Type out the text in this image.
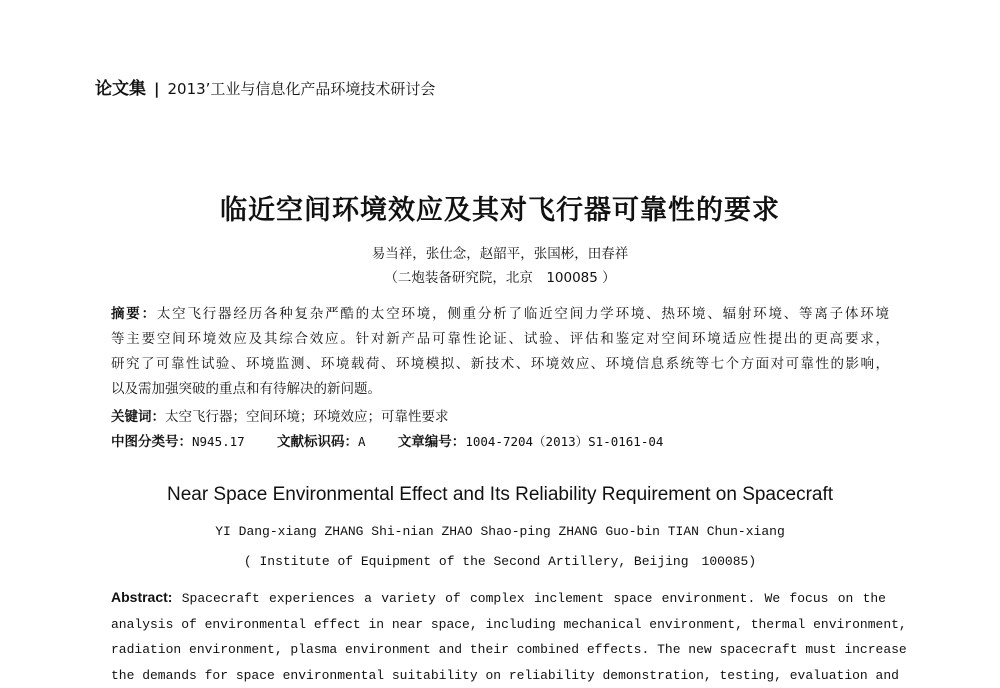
论文集 | 2013’工业与信息化产品环境技术研讨会
临近空间环境效应及其对飞行器可靠性的要求
易当祥，张仕念，赵韶平，张国彬，田春祥
（二炮装备研究院，北京　100085 ）
摘要：太空飞行器经历各种复杂严酷的太空环境，侧重分析了临近空间力学环境、热环境、辐射环境、等离子体环境
等主要空间环境效应及其综合效应。针对新产品可靠性论证、试验、评估和鉴定对空间环境适应性提出的更高要求，
研究了可靠性试验、环境监测、环境载荷、环境模拟、新技术、环境效应、环境信息系统等七个方面对可靠性的影响，
以及需加强突破的重点和有待解决的新问题。
关键词：太空飞行器；空间环境；环境效应；可靠性要求
中图分类号：N945.17 文献标识码：A 文章编号：1004-7204（2013）S1-0161-04
Near Space Environmental Effect and Its Reliability Requirement on Spacecraft
YI Dang-xiang ZHANG Shi-nian ZHAO Shao-ping ZHANG Guo-bin TIAN Chun-xiang
( Institute of Equipment of the Second Artillery, Beijing　100085)
Abstract: Spacecraft experiences a variety of complex inclement space environment. We focus on the
analysis of environmental effect in near space, including mechanical environment, thermal environment,
radiation environment, plasma environment and their combined effects. The new spacecraft must increase
the demands for space environmental suitability on reliability demonstration, testing, evaluation and
